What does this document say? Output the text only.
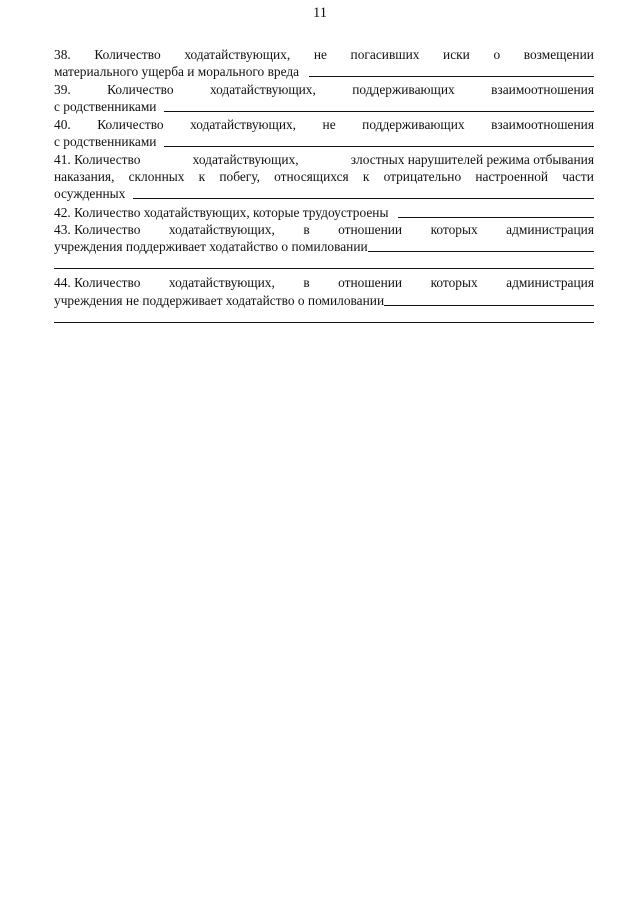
11
38. Количество ходатайствующих, не погасивших иски о возмещении
материального ущерба и морального вреда
39.	Количество	ходатайствующих,	поддерживающих	взаимоотношения
с родственниками
40. Количество ходатайствующих, не поддерживающих взаимоотношения
с родственниками
41. Количество	ходатайствующих,	злостных нарушителей режима отбывания
наказания, склонных к побегу, относящихся к отрицательно настроенной части
осужденных
42. Количество ходатайствующих, которые трудоустроены
43. Количество ходатайствующих, в отношении которых администрация
учреждения поддерживает ходатайство о помиловании
44. Количество ходатайствующих, в отношении которых администрация
учреждения не поддерживает ходатайство о помиловании
